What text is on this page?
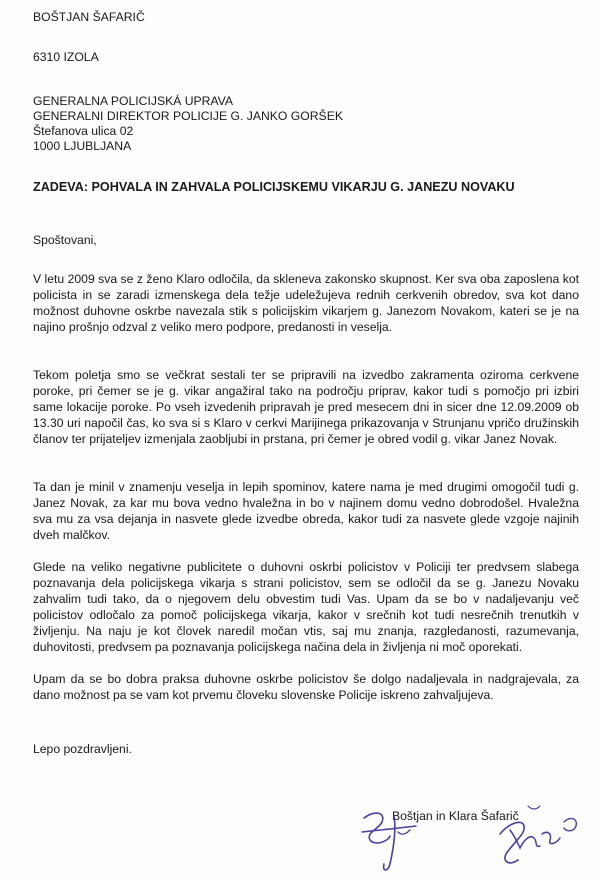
BOŠTJAN ŠAFARIČ
6310 IZOLA
GENERALNA POLICIJSKÁ UPRAVA
GENERALNI DIREKTOR POLICIJE G. JANKO GORŠEK
Štefanova ulica 02
1000 LJUBLJANA
ZADEVA: POHVALA IN ZAHVALA POLICIJSKEMU VIKARJU G. JANEZU NOVAKU
Spoštovani,

V letu 2009 sva se z ženo Klaro odločila, da skleneva zakonsko skupnost. Ker sva oba zaposlena kot policista in se zaradi izmenskega dela težje udeležujeva rednih cerkvenih obredov, sva kot dano možnost duhovne oskrbe navezala stik s policijskim vikarjem g. Janezom Novakom, kateri se je na najino prošnjo odzval z veliko mero podpore, predanosti in veselja.

Tekom poletja smo se večkrat sestali ter se pripravili na izvedbo zakramenta oziroma cerkvene poroke, pri čemer se je g. vikar angažiral tako na področju priprav, kakor tudi s pomočjo pri izbiri same lokacije poroke. Po vseh izvedenih pripravah je pred mesecem dni in sicer dne 12.09.2009 ob 13.30 uri napočil čas, ko sva si s Klaro v cerkvi Marijinega prikazovanja v Strunjanu vpričo družinskih članov ter prijateljev izmenjala zaobljubi in prstana, pri čemer je obred vodil g. vikar Janez Novak.

Ta dan je minil v znamenju veselja in lepih spominov, katere nama je med drugimi omogočil tudi g. Janez Novak, za kar mu bova vedno hvaležna in bo v najinem domu vedno dobrodošel. Hvaležna sva mu za vsa dejanja in nasvete glede izvedbe obreda, kakor tudi za nasvete glede vzgoje najinih dveh malčkov.

Glede na veliko negativne publicitete o duhovni oskrbi policistov v Policiji ter predvsem slabega poznavanja dela policijskega vikarja s strani policistov, sem se odločil da se g. Janezu Novaku zahvalim tudi tako, da o njegovem delu obvestim tudi Vas. Upam da se bo v nadaljevanju več policistov odločalo za pomoč policijskega vikarja, kakor v srečnih kot tudi nesrečnih trenutkih v življenju. Na naju je kot človek naredil močan vtis, saj mu znanja, razgledanosti, razumevanja, duhovitosti, predvsem pa poznavanja policijskega načina dela in življenja ni moč oporekati.

Upam da se bo dobra praksa duhovne oskrbe policistov še dolgo nadaljevala in nadgrajevala, za dano možnost pa se vam kot prvemu človeku slovenske Policije iskreno zahvaljujeva.

Lepo pozdravljeni.
Boštjan in Klara Šafarič
